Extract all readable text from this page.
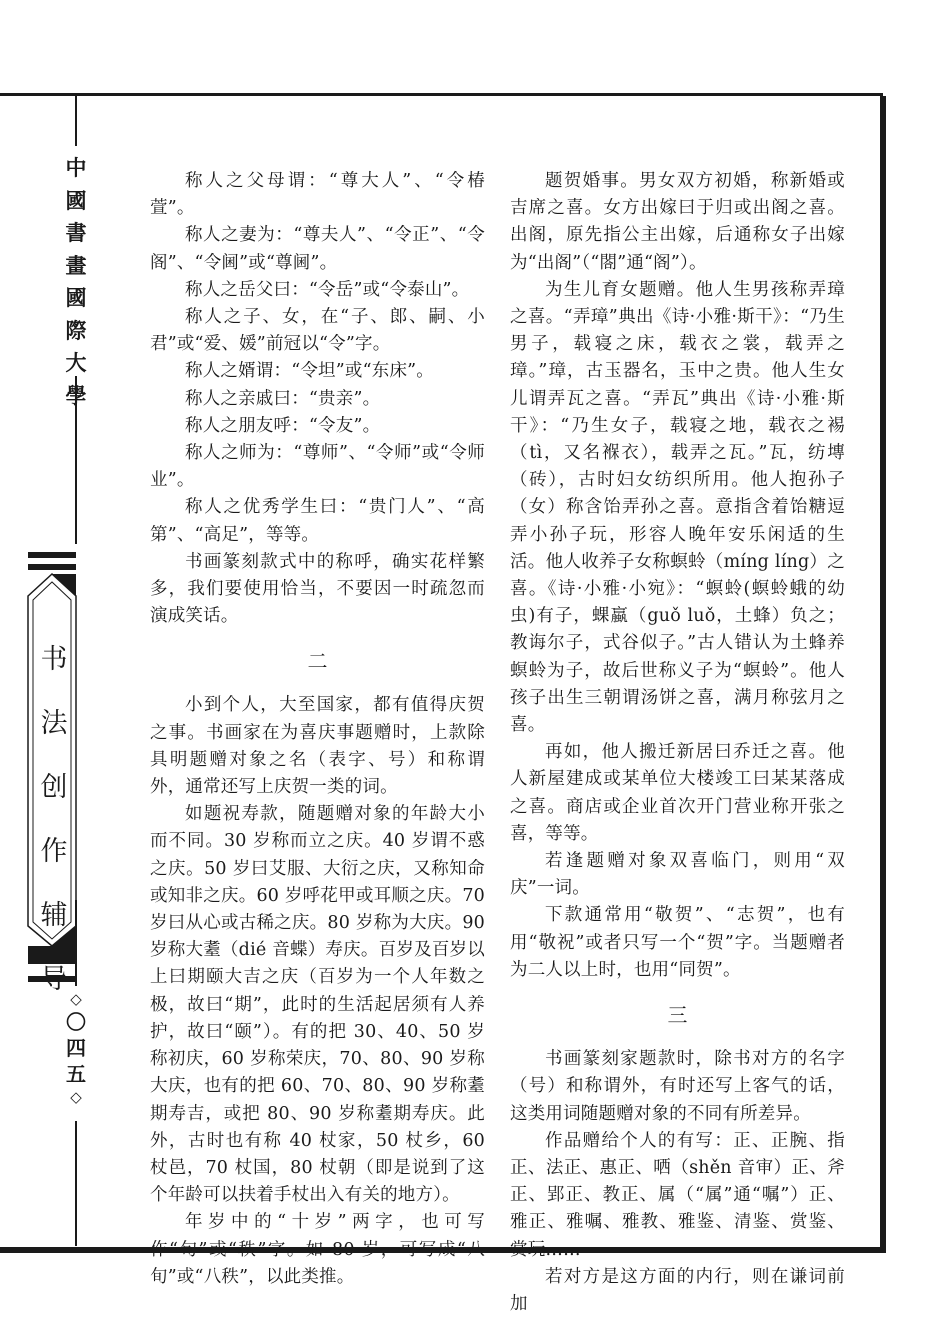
中
國
書
畫
國
際
大
學
书
法
创
作
辅
导
◇
〇
四
五
◇

称人之父母谓：“尊大人”、“令椿萱”。

称人之妻为：“尊夫人”、“令正”、“令阁”、“令阃”或“尊阃”。

称人之岳父曰：“令岳”或“令泰山”。

称人之子、女，在“子、郎、嗣、小君”或“爱、媛”前冠以“令”字。

称人之婿谓：“令坦”或“东床”。

称人之亲戚曰：“贵亲”。

称人之朋友呼：“令友”。

称人之师为：“尊师”、“令师”或“令师业”。

称人之优秀学生曰：“贵门人”、“高第”、“高足”，等等。

书画篆刻款式中的称呼，确实花样繁多，我们要使用恰当，不要因一时疏忽而演成笑话。

二

小到个人，大至国家，都有值得庆贺之事。书画家在为喜庆事题赠时，上款除具明题赠对象之名（表字、号）和称谓外，通常还写上庆贺一类的词。

如题祝寿款，随题赠对象的年龄大小而不同。30 岁称而立之庆。40 岁谓不惑之庆。50 岁曰艾服、大衍之庆，又称知命或知非之庆。60 岁呼花甲或耳顺之庆。70 岁曰从心或古稀之庆。80 岁称为大庆。90 岁称大耋（dié 音蝶）寿庆。百岁及百岁以上曰期颐大吉之庆（百岁为一个人年数之极，故曰“期”，此时的生活起居须有人养护，故曰“颐”）。有的把 30、40、50 岁称初庆，60 岁称荣庆，70、80、90 岁称大庆，也有的把 60、70、80、90 岁称耋期寿吉，或把 80、90 岁称耋期寿庆。此外，古时也有称 40 杖家，50 杖乡，60 杖邑，70 杖国，80 杖朝（即是说到了这个年龄可以扶着手杖出入有关的地方）。

年岁中的“十岁”两字，也可写作“旬”或“秩”字。如 80 岁，可写成“八旬”或“八秩”，以此类推。

题贺婚事。男女双方初婚，称新婚或吉席之喜。女方出嫁曰于归或出阁之喜。出阁，原先指公主出嫁，后通称女子出嫁为“出阁”（“閤”通“阁”）。

为生儿育女题赠。他人生男孩称弄璋之喜。“弄璋”典出《诗·小雅·斯干》：“乃生男子，载寝之床，载衣之裳，载弄之璋。”璋，古玉器名，玉中之贵。他人生女儿谓弄瓦之喜。“弄瓦”典出《诗·小雅·斯干》：“乃生女子，载寝之地，载衣之裼（tì，又名褓衣），载弄之瓦。”瓦，纺塼（砖），古时妇女纺织所用。他人抱孙子（女）称含饴弄孙之喜。意指含着饴糖逗弄小孙子玩，形容人晚年安乐闲适的生活。他人收养子女称螟蛉（míng líng）之喜。《诗·小雅·小宛》：“螟蛉(螟蛉蛾的幼虫)有子，蜾蠃（guǒ luǒ，土蜂）负之；教诲尔子，式谷似子。”古人错认为土蜂养螟蛉为子，故后世称义子为“螟蛉”。他人孩子出生三朝谓汤饼之喜，满月称弦月之喜。

再如，他人搬迁新居曰乔迁之喜。他人新屋建成或某单位大楼竣工曰某某落成之喜。商店或企业首次开门营业称开张之喜，等等。

若逢题赠对象双喜临门，则用“双庆”一词。

下款通常用“敬贺”、“志贺”，也有用“敬祝”或者只写一个“贺”字。当题赠者为二人以上时，也用“同贺”。

三

书画篆刻家题款时，除书对方的名字（号）和称谓外，有时还写上客气的话，这类用词随题赠对象的不同有所差异。

作品赠给个人的有写：正、正腕、指正、法正、惠正、哂（shěn 音审）正、斧正、郢正、教正、属（“属”通“嘱”）正、雅正、雅嘱、雅教、雅鉴、清鉴、赏鉴、赏玩……

若对方是这方面的内行，则在谦词前加
